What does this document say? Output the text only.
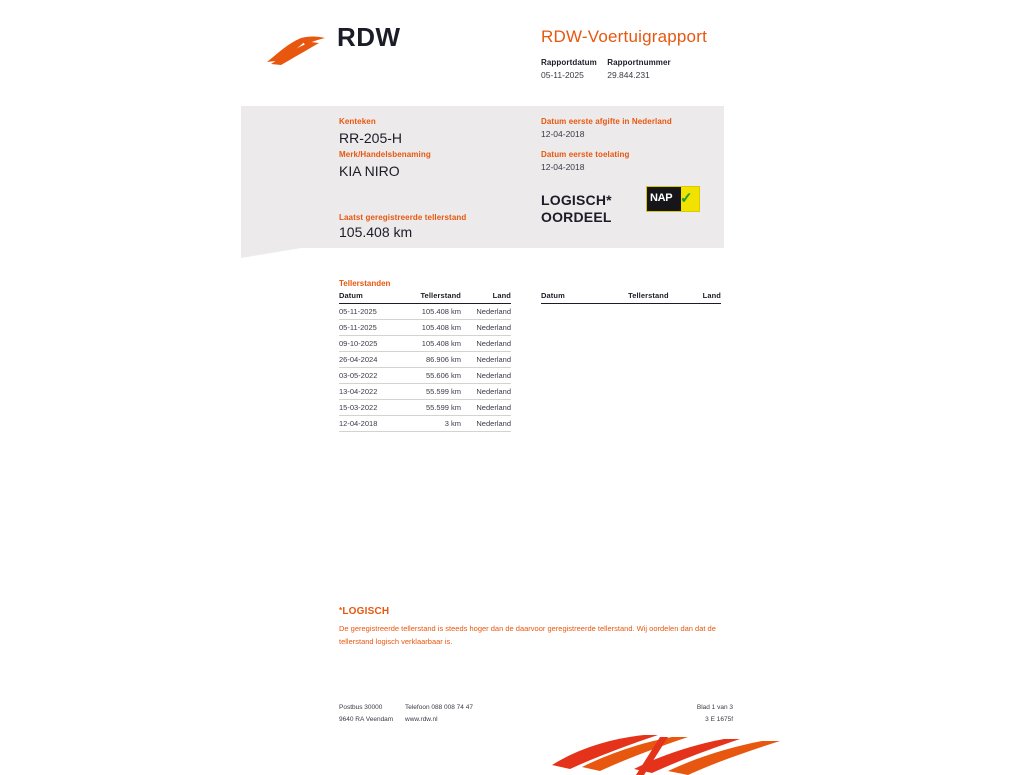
RDW	RDW-Voertuigrapport
Rapportdatum
05-11-2025

Rapportnummer
29.844.231
Kenteken
RR-205-H
Merk/Handelsbenaming
KIA NIRO
Laatst geregistreerde tellerstand
105.408 km
Datum eerste afgifte in Nederland
12-04-2018
Datum eerste toelating
12-04-2018
LOGISCH*
OORDEEL
NAP ✓
Tellerstanden
Datum	Tellerstand	Land
05-11-2025	105.408 km	Nederland
05-11-2025	105.408 km	Nederland
09-10-2025	105.408 km	Nederland
26-04-2024	86.906 km	Nederland
03-05-2022	55.606 km	Nederland
13-04-2022	55.599 km	Nederland
15-03-2022	55.599 km	Nederland
12-04-2018	3 km	Nederland
Datum	Tellerstand	Land
*LOGISCH
De geregistreerde tellerstand is steeds hoger dan de daarvoor geregistreerde tellerstand. Wij oordelen dan dat de tellerstand logisch verklaarbaar is.
Postbus 30000
9640 RA Veendam
Telefoon 088 008 74 47
www.rdw.nl
Blad 1 van 3
3 E 1675f
